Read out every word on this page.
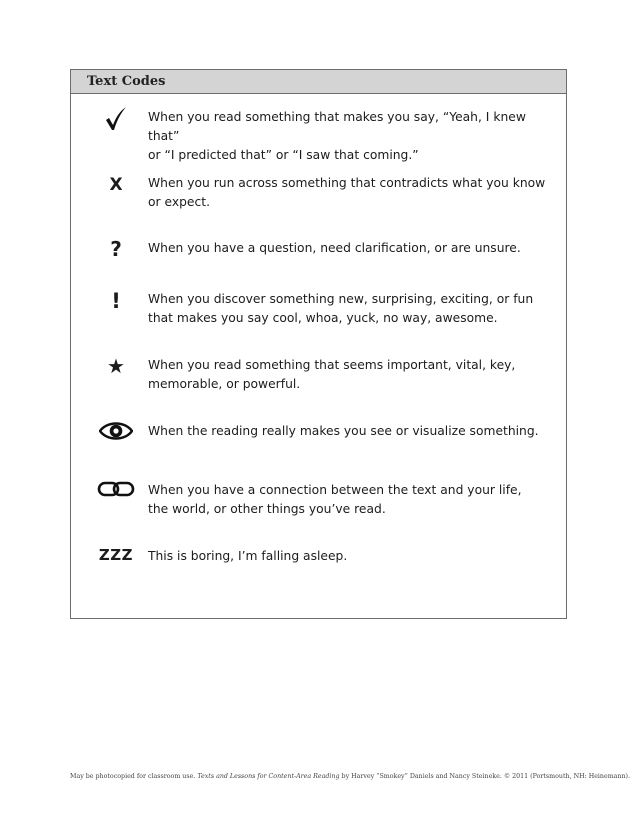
Text Codes
When you read something that makes you say, “Yeah, I knew that”
or “I predicted that” or “I saw that coming.”
X When you run across something that contradicts what you know
or expect.
? When you have a question, need clarification, or are unsure.
! When you discover something new, surprising, exciting, or fun
that makes you say cool, whoa, yuck, no way, awesome.
★ When you read something that seems important, vital, key,
memorable, or powerful.
When the reading really makes you see or visualize something.
When you have a connection between the text and your life,
the world, or other things you’ve read.
ZZZ This is boring, I’m falling asleep.
May be photocopied for classroom use. Texts and Lessons for Content-Area Reading by Harvey “Smokey” Daniels and Nancy Steineke. © 2011 (Portsmouth, NH: Heinemann).
